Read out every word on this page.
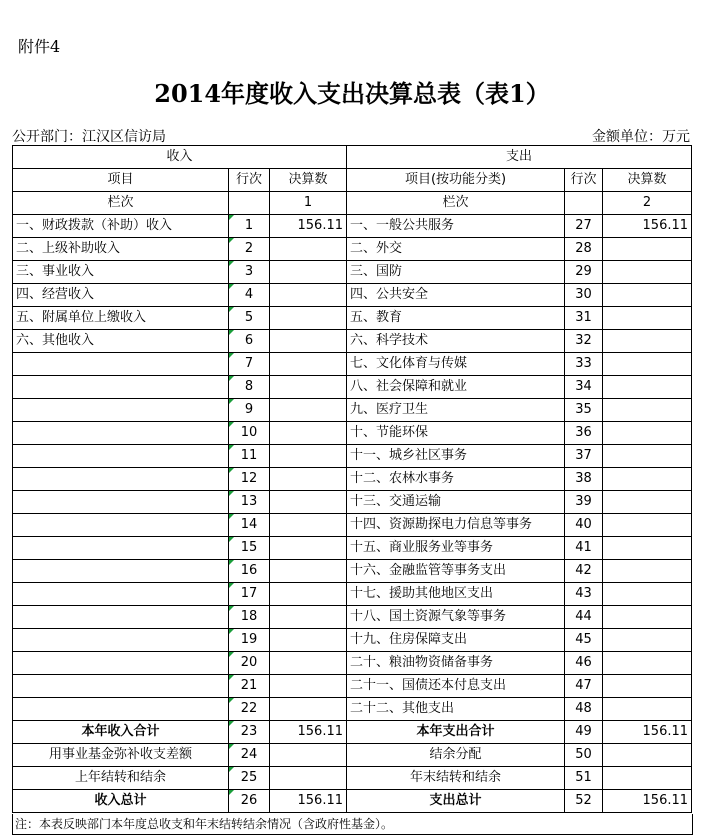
附件4
2014年度收入支出决算总表（表1）
公开部门：江汉区信访局	金额单位：万元
收入			支出		
项目	行次	决算数	项目(按功能分类)	行次	决算数
栏次		1	栏次		2
一、财政拨款（补助）收入	1	156.11	一、一般公共服务	27	156.11
二、上级补助收入	2		二、外交	28	
三、事业收入	3		三、国防	29	
四、经营收入	4		四、公共安全	30	
五、附属单位上缴收入	5		五、教育	31	
六、其他收入	6		六、科学技术	32	
	7		七、文化体育与传媒	33	
	8		八、社会保障和就业	34	
	9		九、医疗卫生	35	
	10		十、节能环保	36	
	11		十一、城乡社区事务	37	
	12		十二、农林水事务	38	
	13		十三、交通运输	39	
	14		十四、资源勘探电力信息等事务	40	
	15		十五、商业服务业等事务	41	
	16		十六、金融监管等事务支出	42	
	17		十七、援助其他地区支出	43	
	18		十八、国土资源气象等事务	44	
	19		十九、住房保障支出	45	
	20		二十、粮油物资储备事务	46	
	21		二十一、国债还本付息支出	47	
	22		二十二、其他支出	48	
本年收入合计	23	156.11	本年支出合计	49	156.11
用事业基金弥补收支差额	24		结余分配	50	
上年结转和结余	25		年末结转和结余	51	
收入总计	26	156.11	支出总计	52	156.11
注：本表反映部门本年度总收支和年末结转结余情况（含政府性基金）。
